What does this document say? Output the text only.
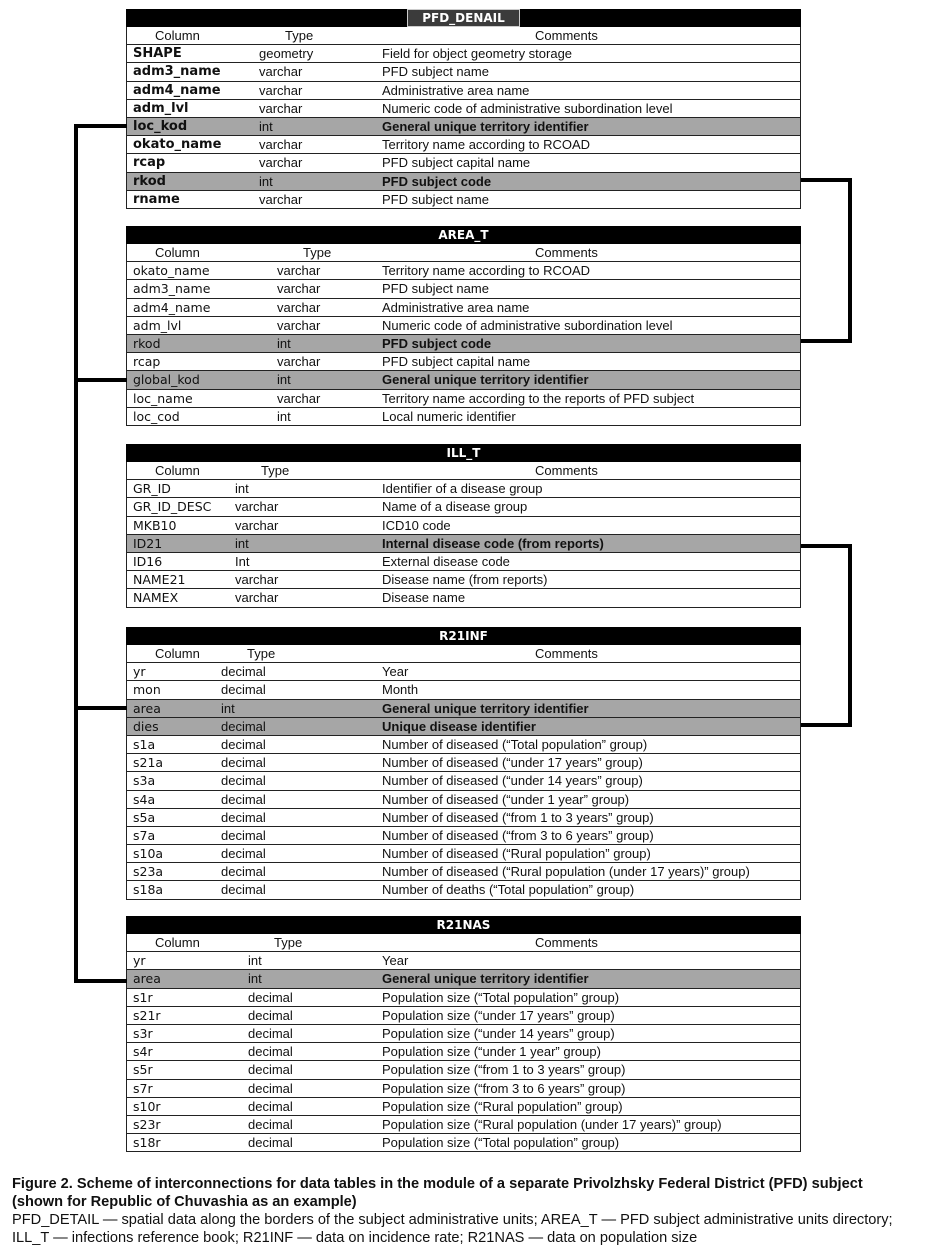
PFD_DENAIL
Column	Type	Comments
SHAPE	geometry	Field for object geometry storage
adm3_name	varchar	PFD subject name
adm4_name	varchar	Administrative area name
adm_lvl	varchar	Numeric code of administrative subordination level
loc_kod	int	General unique territory identifier
okato_name	varchar	Territory name according to RCOAD
rcap	varchar	PFD subject capital name
rkod	int	PFD subject code
rname	varchar	PFD subject name
AREA_T
Column	Type	Comments
okato_name	varchar	Territory name according to RCOAD
adm3_name	varchar	PFD subject name
adm4_name	varchar	Administrative area name
adm_lvl	varchar	Numeric code of administrative subordination level
rkod	int	PFD subject code
rcap	varchar	PFD subject capital name
global_kod	int	General unique territory identifier
loc_name	varchar	Territory name according to the reports of PFD subject
loc_cod	int	Local numeric identifier
ILL_T
Column	Type	Comments
GR_ID	int	Identifier of a disease group
GR_ID_DESC varchar	Name of a disease group
MKB10	varchar	ICD10 code
ID21	int	Internal disease code (from reports)
ID16	Int	External disease code
NAME21	varchar	Disease name (from reports)
NAMEX	varchar	Disease name
R21INF
Column	Type	Comments
yr	decimal	Year
mon	decimal	Month
area	int	General unique territory identifier
dies	decimal	Unique disease identifier
s1a	decimal	Number of diseased (“Total population” group)
s21a	decimal	Number of diseased (“under 17 years” group)
s3a	decimal	Number of diseased (“under 14 years” group)
s4a	decimal	Number of diseased (“under 1 year” group)
s5a	decimal	Number of diseased (“from 1 to 3 years” group)
s7a	decimal	Number of diseased (“from 3 to 6 years” group)
s10a	decimal	Number of diseased (“Rural population” group)
s23a	decimal	Number of diseased (“Rural population (under 17 years)” group)
s18a	decimal	Number of deaths (“Total population” group)
R21NAS
Column	Type	Comments
yr	int	Year
area	int	General unique territory identifier
s1r	decimal	Population size (“Total population” group)
s21r	decimal	Population size (“under 17 years” group)
s3r	decimal	Population size (“under 14 years” group)
s4r	decimal	Population size (“under 1 year” group)
s5r	decimal	Population size (“from 1 to 3 years” group)
s7r	decimal	Population size (“from 3 to 6 years” group)
s10r	decimal	Population size (“Rural population” group)
s23r	decimal	Population size (“Rural population (under 17 years)” group)
s18r	decimal	Population size (“Total population” group)
Figure 2. Scheme of interconnections for data tables in the module of a separate Privolzhsky Federal District (PFD) subject (shown for Republic of Chuvashia as an example)
PFD_DETAIL — spatial data along the borders of the subject administrative units; AREA_T — PFD subject administrative units directory; ILL_T — infections reference book; R21INF — data on incidence rate; R21NAS — data on population size
